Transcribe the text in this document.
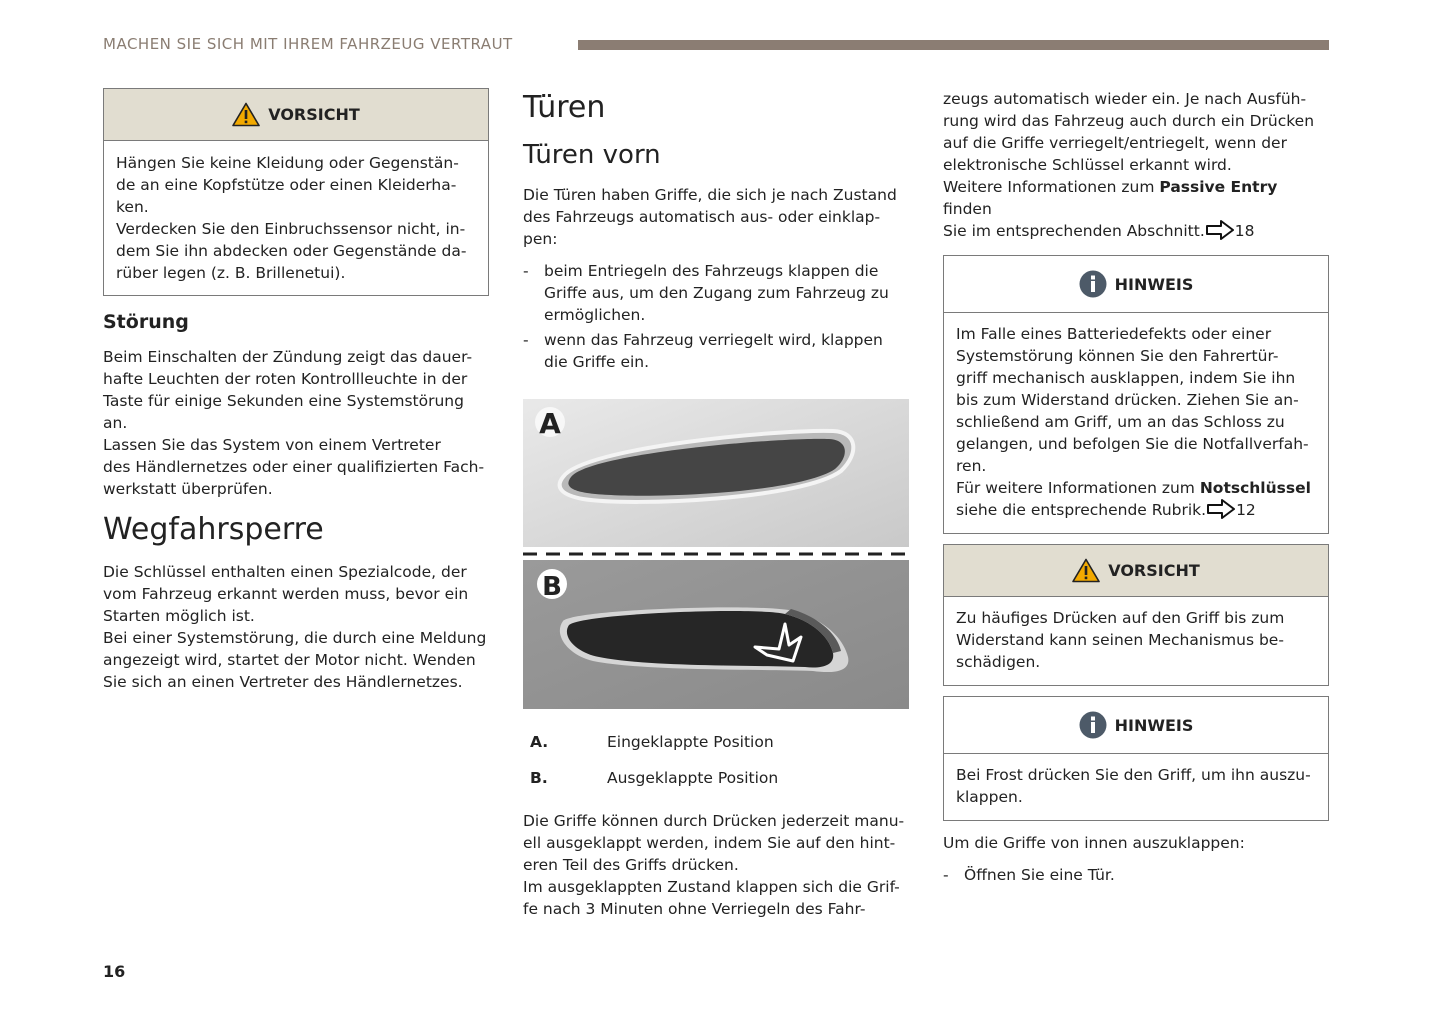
MACHEN SIE SICH MIT IHREM FAHRZEUG VERTRAUT
VORSICHT

Hängen Sie keine Kleidung oder Gegenstän-
de an eine Kopfstütze oder einen Kleiderha-
ken.

Verdecken Sie den Einbruchssensor nicht, in-
dem Sie ihn abdecken oder Gegenstände da-
rüber legen (z. B. Brillenetui).

Störung

Beim Einschalten der Zündung zeigt das dauer-
hafte Leuchten der roten Kontrollleuchte in der
Taste für einige Sekunden eine Systemstörung
an.

Lassen Sie das System von einem Vertreter
des Händlernetzes oder einer qualifizierten Fach-
werkstatt überprüfen.

Wegfahrsperre

Die Schlüssel enthalten einen Spezialcode, der
vom Fahrzeug erkannt werden muss, bevor ein
Starten möglich ist.

Bei einer Systemstörung, die durch eine Meldung
angezeigt wird, startet der Motor nicht. Wenden
Sie sich an einen Vertreter des Händlernetzes.

Türen
Türen vorn

Die Türen haben Griffe, die sich je nach Zustand
des Fahrzeugs automatisch aus- oder einklap-
pen:

- beim Entriegeln des Fahrzeugs klappen die
Griffe aus, um den Zugang zum Fahrzeug zu
ermöglichen.
- wenn das Fahrzeug verriegelt wird, klappen
die Griffe ein.
A
B
A.	Eingeklappte Position
B.	Ausgeklappte Position

Die Griffe können durch Drücken jederzeit manu-
ell ausgeklappt werden, indem Sie auf den hint-
eren Teil des Griffs drücken.

Im ausgeklappten Zustand klappen sich die Grif-
fe nach 3 Minuten ohne Verriegeln des Fahr-

zeugs automatisch wieder ein. Je nach Ausfüh-
rung wird das Fahrzeug auch durch ein Drücken
auf die Griffe verriegelt/entriegelt, wenn der
elektronische Schlüssel erkannt wird.

Weitere Informationen zum Passive Entry finden
Sie im entsprechenden Abschnitt. 18

HINWEIS

Im Falle eines Batteriedefekts oder einer
Systemstörung können Sie den Fahrertür-
griff mechanisch ausklappen, indem Sie ihn
bis zum Widerstand drücken. Ziehen Sie an-
schließend am Griff, um an das Schloss zu
gelangen, und befolgen Sie die Notfallverfah-
ren.

Für weitere Informationen zum Notschlüssel
siehe die entsprechende Rubrik. 12

VORSICHT

Zu häufiges Drücken auf den Griff bis zum
Widerstand kann seinen Mechanismus be-
schädigen.

HINWEIS

Bei Frost drücken Sie den Griff, um ihn auszu-
klappen.

Um die Griffe von innen auszuklappen:

- Öffnen Sie eine Tür.
16
